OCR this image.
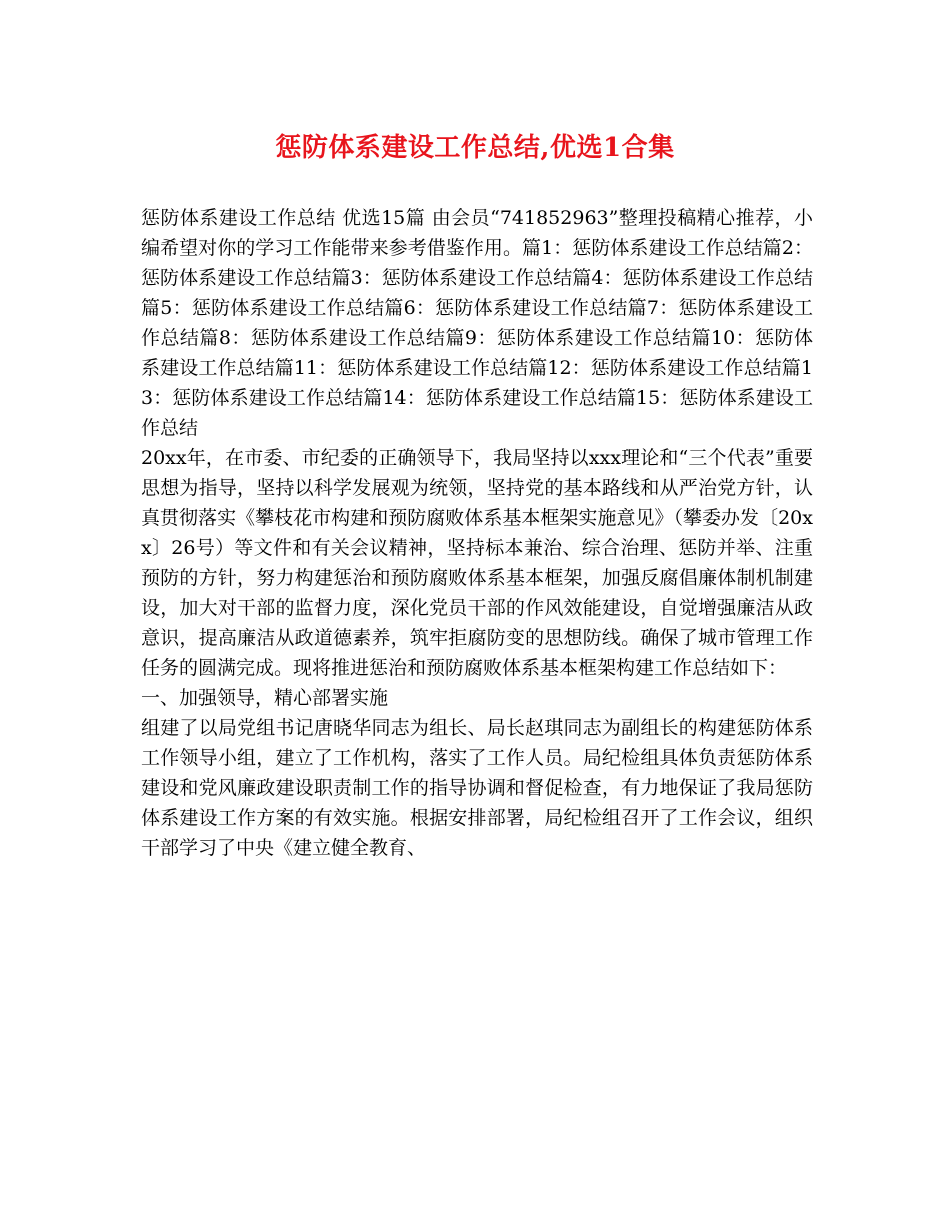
惩防体系建设工作总结,优选1合集

惩防体系建设工作总结 优选15篇 由会员“741852963”整理投稿精心推荐，小编希望对你的学习工作能带来参考借鉴作用。篇1：惩防体系建设工作总结篇2：惩防体系建设工作总结篇3：惩防体系建设工作总结篇4：惩防体系建设工作总结篇5：惩防体系建设工作总结篇6：惩防体系建设工作总结篇7：惩防体系建设工作总结篇8：惩防体系建设工作总结篇9：惩防体系建设工作总结篇10：惩防体系建设工作总结篇11：惩防体系建设工作总结篇12：惩防体系建设工作总结篇13：惩防体系建设工作总结篇14：惩防体系建设工作总结篇15：惩防体系建设工作总结

20xx年，在市委、市纪委的正确领导下，我局坚持以xxx理论和“三个代表”重要思想为指导，坚持以科学发展观为统领，坚持党的基本路线和从严治党方针，认真贯彻落实《攀枝花市构建和预防腐败体系基本框架实施意见》（攀委办发〔20xx〕26号）等文件和有关会议精神，坚持标本兼治、综合治理、惩防并举、注重预防的方针，努力构建惩治和预防腐败体系基本框架，加强反腐倡廉体制机制建设，加大对干部的监督力度，深化党员干部的作风效能建设，自觉增强廉洁从政意识，提高廉洁从政道德素养，筑牢拒腐防变的思想防线。确保了城市管理工作任务的圆满完成。现将推进惩治和预防腐败体系基本框架构建工作总结如下：

一、加强领导，精心部署实施

组建了以局党组书记唐晓华同志为组长、局长赵琪同志为副组长的构建惩防体系工作领导小组，建立了工作机构，落实了工作人员。局纪检组具体负责惩防体系建设和党风廉政建设职责制工作的指导协调和督促检查，有力地保证了我局惩防体系建设工作方案的有效实施。根据安排部署，局纪检组召开了工作会议，组织干部学习了中央《建立健全教育、
